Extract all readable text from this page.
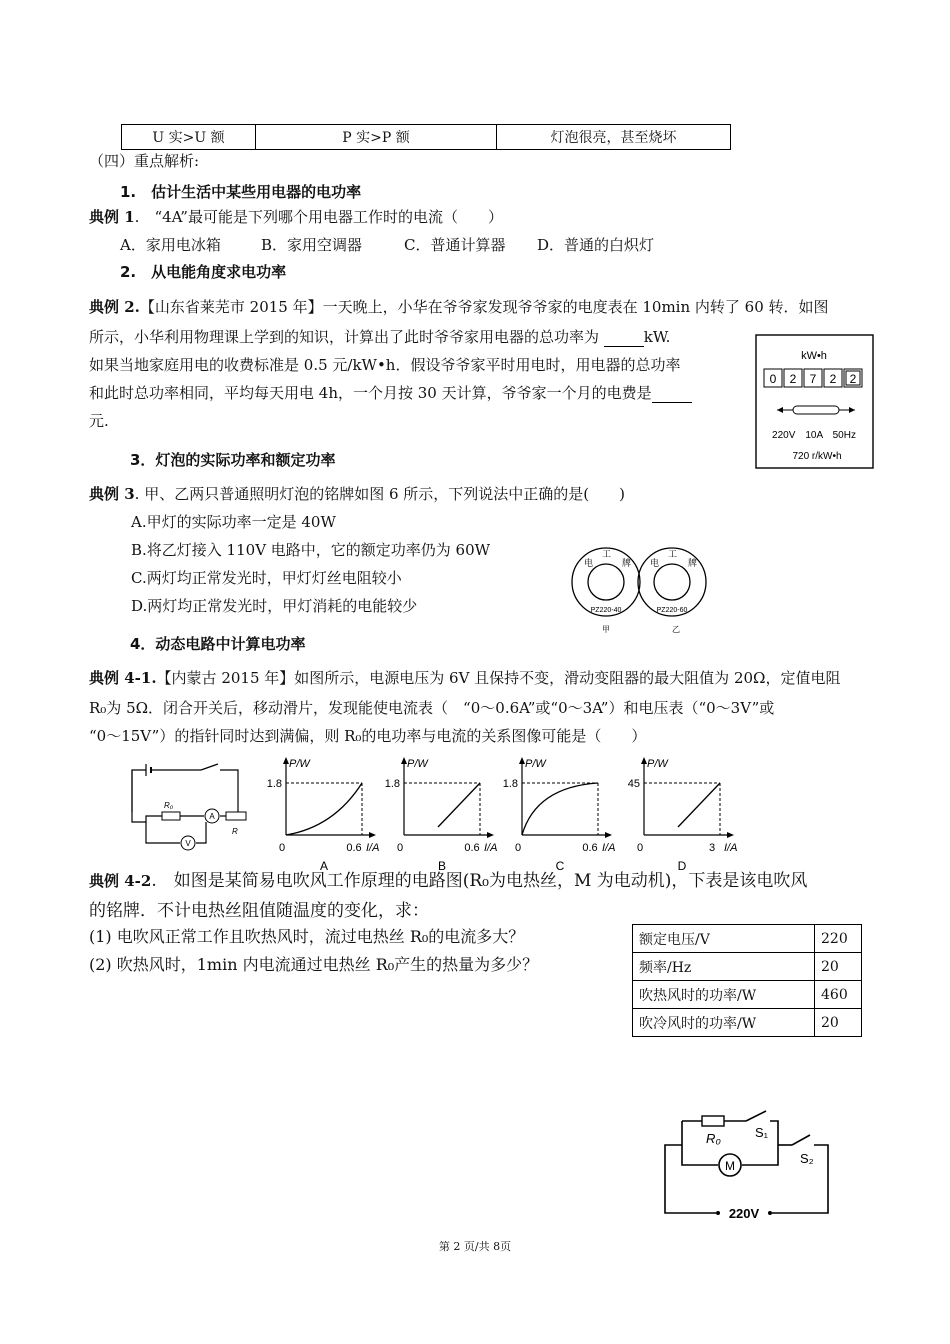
U 实>U 额	P 实>P 额	灯泡很亮，甚至烧坏
（四）重点解析:
1.　估计生活中某些用电器的电功率
典例 1.　“4A”最可能是下列哪个用电器工作时的电流（　　）
A．家用电冰箱	B．家用空调器	C．普通计算器 D．普通的白炽灯
2.　从电能角度求电功率
典例 2.【山东省莱芜市 2015 年】一天晚上，小华在爷爷家发现爷爷家的电度表在 10min 内转了 60 转．如图
所示，小华利用物理课上学到的知识，计算出了此时爷爷家用电器的总功率为	kW.
如果当地家庭用电的收费标准是 0.5 元/kW•h．假设爷爷家平时用电时，用电器的总功率
和此时总功率相同，平均每天用电 4h，一个月按 30 天计算，爷爷家一个月的电费是
元.
kW•h
0 2 7 2 2
220V　10A　50Hz
720 r/kW•h
3．灯泡的实际功率和额定功率
典例 3. 甲、乙两只普通照明灯泡的铭牌如图 6 所示，下列说法中正确的是(　　)
A.甲灯的实际功率一定是 40W
B.将乙灯接入 110V 电路中，它的额定功率仍为 60W
C.两灯均正常发光时，甲灯灯丝电阻较小
D.两灯均正常发光时，甲灯消耗的电能较少
电
工
牌
PZ220-40
甲
电
工
牌
PZ220-60
乙
4．动态电路中计算电功率
典例 4-1.【内蒙古 2015 年】如图所示，电源电压为 6V 且保持不变，滑动变阻器的最大阻值为 20Ω，定值电阻
R₀为 5Ω．闭合开关后，移动滑片，发现能使电流表（　“0～0.6A”或“0～3A”）和电压表（“0～3V”或
“0～15V”）的指针同时达到满偏，则 R₀的电功率与电流的关系图像可能是（　　）
R₀
A
R
V
P/W
1.8
0	0.6 I/A
A
P/W
1.8
0	0.6 I/A
B
P/W
1.8
0	0.6 I/A
C
P/W
45
0	3 I/A
D
典例 4-2.　如图是某简易电吹风工作原理的电路图(R₀为电热丝，M 为电动机)，下表是该电吹风
的铭牌．不计电热丝阻值随温度的变化，求：
(1) 电吹风正常工作且吹热风时，流过电热丝 R₀的电流多大？
(2) 吹热风时，1min 内电流通过电热丝 R₀产生的热量为多少？
额定电压/V	220
频率/Hz	20
吹热风时的功率/W	460
吹冷风时的功率/W	20
R₀	S₁
S₂
M
220V
第 2 页/共 8页
